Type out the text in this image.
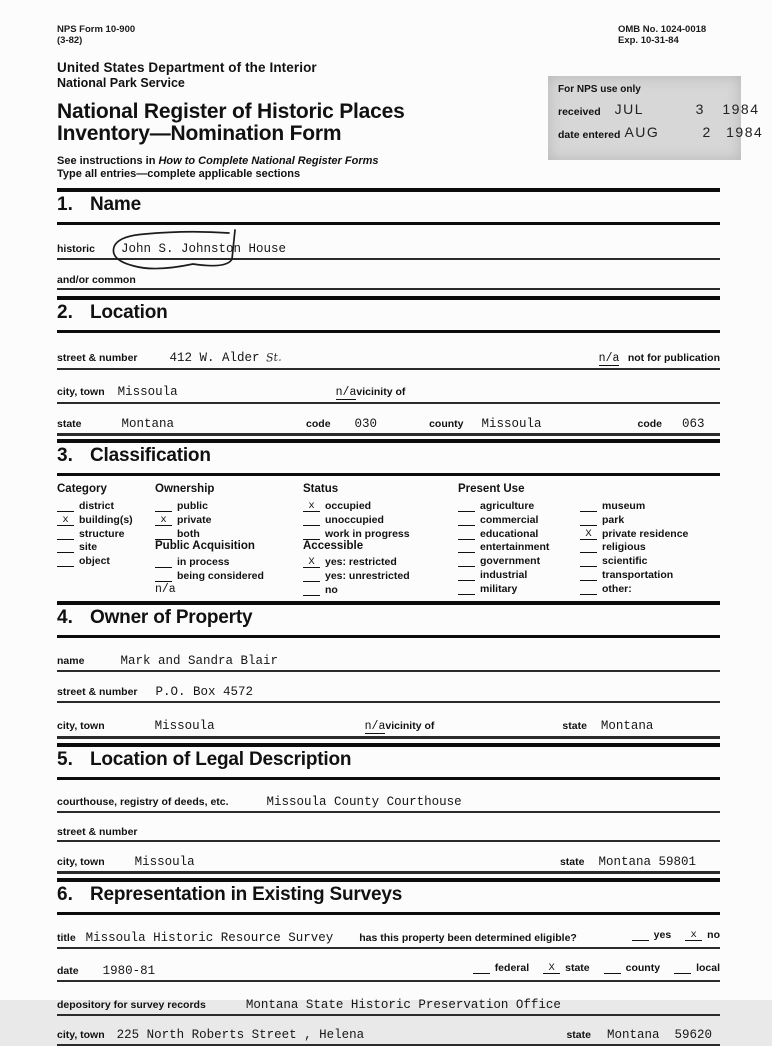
NPS Form 10-900
(3-82)
OMB No. 1024-0018
Exp. 10-31-84
United States Department of the Interior
National Park Service
National Register of Historic Places
Inventory—Nomination Form
See instructions in How to Complete National Register Forms
Type all entries—complete applicable sections
For NPS use only
received JUL   3 1984
date entered AUG   2 1984
1. Name
historic John S. Johnston House
and/or common
2. Location
street & number	412 W. Alder St.	n/a not for publication
city, town Missoula	n/avicinity of
state	Montana	code 030	county Missoula	code 063
3. Classification
Category
district
x building(s)
structure
site
object
Ownership
public
x private
both
Public Acquisition
in process
being considered
n/a
Status
x occupied
unoccupied
work in progress
Accessible
X yes: restricted
yes: unrestricted
no
Present Use
agriculture
commercial
educational
entertainment
government
industrial
military
museum
park
X private residence
religious
scientific
transportation
other:
4. Owner of Property
name	Mark and Sandra Blair
street & number P.O. Box 4572
city, town	Missoula	n/avicinity of	state Montana
5. Location of Legal Description
courthouse, registry of deeds, etc.	Missoula County Courthouse
street & number
city, town Missoula	state Montana 59801
6. Representation in Existing Surveys
title Missoula Historic Resource Survey has this property been determined eligible?	yes	x no
date 1980-81	federal	X state	county	local
depository for survey records	Montana State Historic Preservation Office
city, town 225 North Roberts Street , Helena	state Montana  59620
